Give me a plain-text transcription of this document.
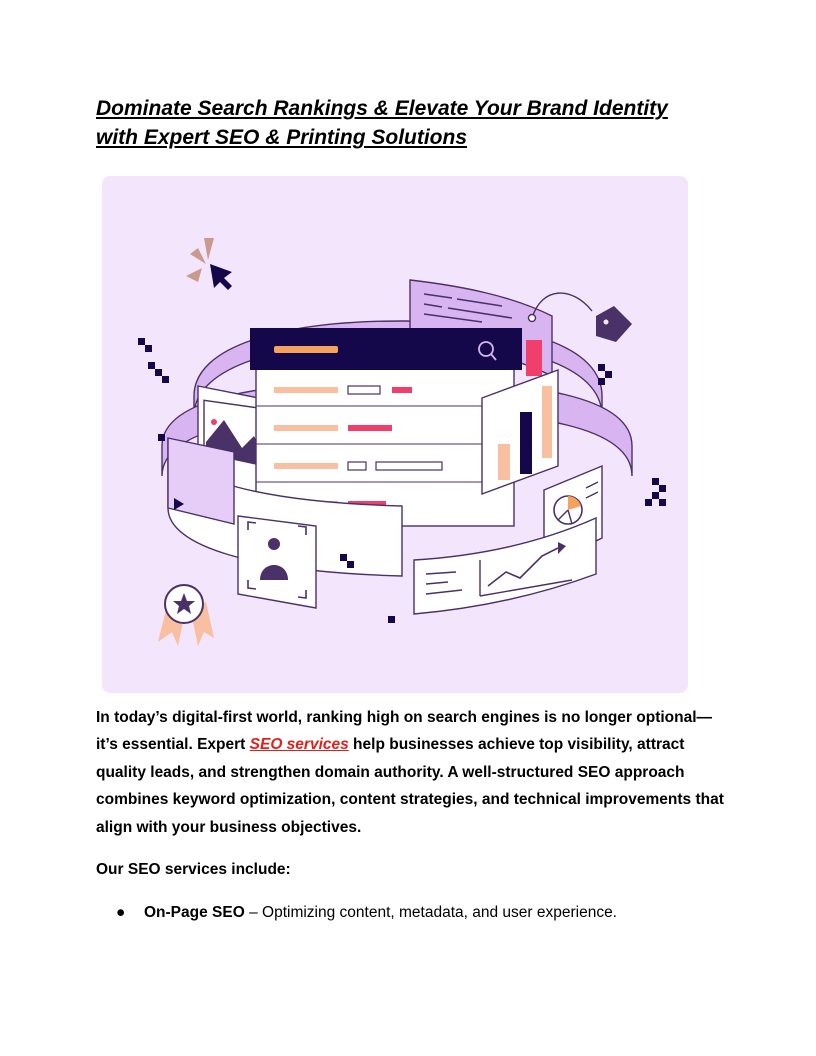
Dominate Search Rankings & Elevate Your Brand Identity
with Expert SEO & Printing Solutions

In today’s digital-first world, ranking high on search engines is no longer optional—it’s essential. Expert SEO services help businesses achieve top visibility, attract quality leads, and strengthen domain authority. A well-structured SEO approach combines keyword optimization, content strategies, and technical improvements that align with your business objectives.

Our SEO services include:

● On-Page SEO – Optimizing content, metadata, and user experience.
